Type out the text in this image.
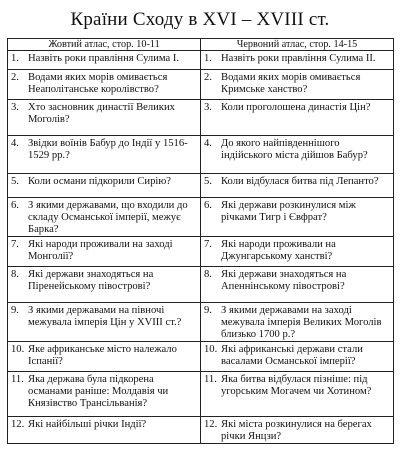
Країни Сходу в XVI – XVIII ст.
Жовтий атлас, стор. 10-11	Червоний атлас, стор. 14-15

1. Назвіть роки правління Сулима I.	1. Назвіть роки правління Сулима II.

2. Водами яких морів омивається Неаполітанське королівство?	2. Водами яких морів омивається Кримське ханство?

3. Хто засновник династії Великих Моголів?	3. Коли проголошена династія Цін?

4. Звідки воїнів Бабур до Індії у 1516-1529 рр.?	4. До якого найпівденнішого індійського міста дійшов Бабур?

5. Коли османи підкорили Сирію?	5. Коли відбулася битва під Лепанто?

6. З якими державами, що входили до складу Османської імперії, межує Барка?	6. Які держави розкинулися між річками Тигр і Євфрат?

7. Які народи проживали на заході Монголії?	7. Які народи проживали на Джунгарському ханстві?

8. Які держави знаходяться на Піренейському півострові?	8. Які держави знаходяться на Апеннінському півострові?

9. З якими державами на півночі межувала імперія Цін у XVIII ст.?	9. З якими державами на заході межувала імперія Великих Моголів близько 1700 р.?

10. Яке африканське місто належало Іспанії?	10. Які африканські держави стали васалами Османської імперії?

11. Яка держава була підкорена османами раніше: Молдавія чи Князівство Трансільванія?	11. Яка битва відбулася пізніше: під угорським Могачем чи Хотином?

12. Які найбільші річки Індії?	12. Які міста розкинулися на берегах річки Янцзи?
